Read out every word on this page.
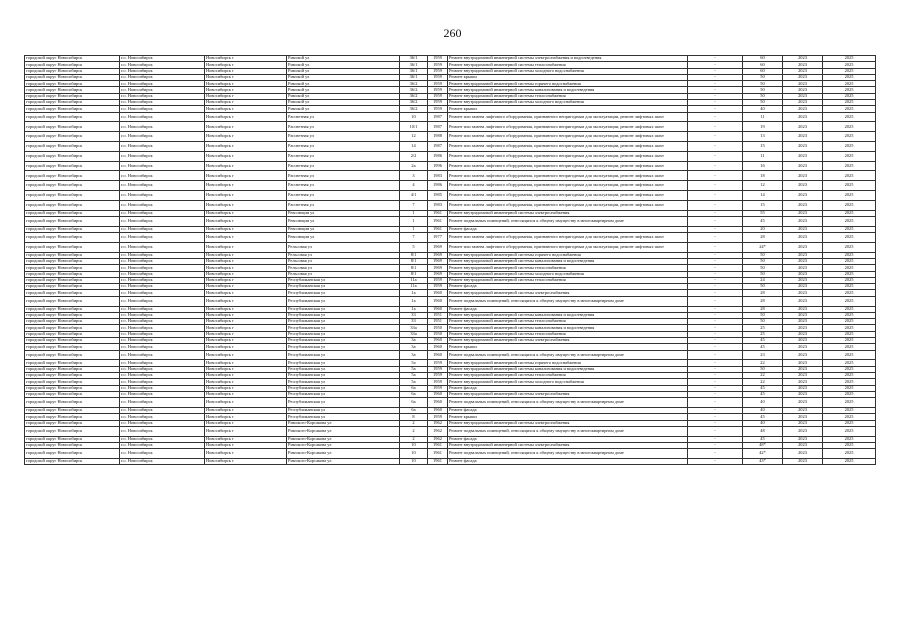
260
городской округ Новосибирск	г.о. Новосибирск	Новосибирск г	Римской ул	36/1	1959	Ремонт внутридомовой инженерной системы электроснабжения и водоотведения	-	60	2023	2025
городской округ Новосибирск	г.о. Новосибирск	Новосибирск г	Римской ул	36/1	1959	Ремонт внутридомовой инженерной системы теплоснабжения	-	60	2023	2025
городской округ Новосибирск	г.о. Новосибирск	Новосибирск г	Римской ул	36/1	1959	Ремонт внутридомовой инженерной системы холодного водоснабжения	-	60	2023	2025
городской округ Новосибирск	г.о. Новосибирск	Новосибирск г	Римской ул	36/1	1959	Ремонт крыши	-	50	2023	2025
городской округ Новосибирск	г.о. Новосибирск	Новосибирск г	Римской ул	36/2	1959	Ремонт внутридомовой инженерной системы горячего водоснабжения	-	50	2023	2025
городской округ Новосибирск	г.о. Новосибирск	Новосибирск г	Римской ул	36/2	1959	Ремонт внутридомовой инженерной системы канализования и водоотведения	-	50	2023	2025
городской округ Новосибирск	г.о. Новосибирск	Новосибирск г	Римской ул	36/2	1959	Ремонт внутридомовой инженерной системы теплоснабжения	-	50	2023	2025
городской округ Новосибирск	г.о. Новосибирск	Новосибирск г	Римской ул	36/2	1959	Ремонт внутридомовой инженерной системы холодного водоснабжения	-	50	2023	2025
городской округ Новосибирск	г.о. Новосибирск	Новосибирск г	Римской ул	36/2	1959	Ремонт крыши	-	40	2023	2025
городской округ Новосибирск	г.о. Новосибирск	Новосибирск г	Рассветная ул	10	1987	Ремонт или замена лифтового оборудования, признанного непригодным для эксплуатации, ремонт лифтовых шахт	-	11	2023	2025
городской округ Новосибирск	г.о. Новосибирск	Новосибирск г	Рассветная ул	10/1	1987	Ремонт или замена лифтового оборудования, признанного непригодным для эксплуатации, ремонт лифтовых шахт	-	19	2023	2025
городской округ Новосибирск	г.о. Новосибирск	Новосибирск г	Рассветная ул	12	1988	Ремонт или замена лифтового оборудования, признанного непригодным для эксплуатации, ремонт лифтовых шахт	-	13	2023	2025
городской округ Новосибирск	г.о. Новосибирск	Новосибирск г	Рассветная ул	14	1987	Ремонт или замена лифтового оборудования, признанного непригодным для эксплуатации, ремонт лифтовых шахт	-	15	2023	2025
городской округ Новосибирск	г.о. Новосибирск	Новосибирск г	Рассветная ул	2/2	1986	Ремонт или замена лифтового оборудования, признанного непригодным для эксплуатации, ремонт лифтовых шахт	-	11	2023	2025
городской округ Новосибирск	г.о. Новосибирск	Новосибирск г	Рассветная ул	2а	1996	Ремонт или замена лифтового оборудования, признанного непригодным для эксплуатации, ремонт лифтовых шахт	-	16	2023	2025
городской округ Новосибирск	г.о. Новосибирск	Новосибирск г	Рассветная ул	3	1983	Ремонт или замена лифтового оборудования, признанного непригодным для эксплуатации, ремонт лифтовых шахт	-	18	2023	2025
городской округ Новосибирск	г.о. Новосибирск	Новосибирск г	Рассветная ул	4	1986	Ремонт или замена лифтового оборудования, признанного непригодным для эксплуатации, ремонт лифтовых шахт	-	12	2023	2025
городской округ Новосибирск	г.о. Новосибирск	Новосибирск г	Рассветная ул	4/1	1985	Ремонт или замена лифтового оборудования, признанного непригодным для эксплуатации, ремонт лифтовых шахт	-	14	2023	2025
городской округ Новосибирск	г.о. Новосибирск	Новосибирск г	Рассветная ул	7	1983	Ремонт или замена лифтового оборудования, признанного непригодным для эксплуатации, ремонт лифтовых шахт	-	15	2023	2025
городской округ Новосибирск	г.о. Новосибирск	Новосибирск г	Революции ул	1	1961	Ремонт внутридомовой инженерной системы электроснабжения	-	55	2023	2025
городской округ Новосибирск	г.о. Новосибирск	Новосибирск г	Революции ул	1	1961	Ремонт подвальных помещений, относящихся к общему имуществу в многоквартирном доме	-	45	2023	2025
городской округ Новосибирск	г.о. Новосибирск	Новосибирск г	Революции ул	1	1961	Ремонт фасада	-	20	2023	2025
городской округ Новосибирск	г.о. Новосибирск	Новосибирск г	Революции ул	7	1977	Ремонт или замена лифтового оборудования, признанного непригодным для эксплуатации, ремонт лифтовых шахт	-	28	2023	2025
городской округ Новосибирск	г.о. Новосибирск	Новосибирск г	Рельсовая ул	5	1969	Ремонт или замена лифтового оборудования, признанного непригодным для эксплуатации, ремонт лифтовых шахт	-	24*	2023	2025
городской округ Новосибирск	г.о. Новосибирск	Новосибирск г	Рельсовая ул	8/1	1969	Ремонт внутридомовой инженерной системы горячего водоснабжения	-	50	2023	2025
городской округ Новосибирск	г.о. Новосибирск	Новосибирск г	Рельсовая ул	8/1	1969	Ремонт внутридомовой инженерной системы канализования и водоотведения	-	50	2023	2025
городской округ Новосибирск	г.о. Новосибирск	Новосибирск г	Рельсовая ул	8/1	1969	Ремонт внутридомовой инженерной системы теплоснабжения	-	50	2023	2025
городской округ Новосибирск	г.о. Новосибирск	Новосибирск г	Рельсовая ул	8/1	1969	Ремонт внутридомовой инженерной системы холодного водоснабжения	-	50	2023	2025
городской округ Новосибирск	г.о. Новосибирск	Новосибирск г	Республиканская ул	11а	1959	Ремонт внутридомовой инженерной системы теплоснабжения	-	24	2023	2025
городской округ Новосибирск	г.о. Новосибирск	Новосибирск г	Республиканская ул	11а	1959	Ремонт фасада	-	50	2023	2025
городской округ Новосибирск	г.о. Новосибирск	Новосибирск г	Республиканская ул	1а	1960	Ремонт внутридомовой инженерной системы электроснабжения	-	28	2023	2025
городской округ Новосибирск	г.о. Новосибирск	Новосибирск г	Республиканская ул	1а	1960	Ремонт подвальных помещений, относящихся к общему имуществу в многоквартирном доме	-	28	2023	2025
городской округ Новосибирск	г.о. Новосибирск	Новосибирск г	Республиканская ул	1а	1960	Ремонт фасада	-	28	2023	2025
городской округ Новосибирск	г.о. Новосибирск	Новосибирск г	Республиканская ул	33	1951	Ремонт внутридомовой инженерной системы канализования и водоотведения	-	50	2023	2025
городской округ Новосибирск	г.о. Новосибирск	Новосибирск г	Республиканская ул	33	1951	Ремонт внутридомовой инженерной системы теплоснабжения	-	50	2023	2025
городской округ Новосибирск	г.о. Новосибирск	Новосибирск г	Республиканская ул	33а	1950	Ремонт внутридомовой инженерной системы канализования и водоотведения	-	25	2023	2025
городской округ Новосибирск	г.о. Новосибирск	Новосибирск г	Республиканская ул	33а	1950	Ремонт внутридомовой инженерной системы теплоснабжения	-	25	2023	2025
городской округ Новосибирск	г.о. Новосибирск	Новосибирск г	Республиканская ул	3а	1960	Ремонт внутридомовой инженерной системы электроснабжения	-	45	2023	2025
городской округ Новосибирск	г.о. Новосибирск	Новосибирск г	Республиканская ул	3а	1960	Ремонт крыши	-	45	2023	2025
городской округ Новосибирск	г.о. Новосибирск	Новосибирск г	Республиканская ул	3а	1960	Ремонт подвальных помещений, относящихся к общему имуществу в многоквартирном доме	-	23	2023	2025
городской округ Новосибирск	г.о. Новосибирск	Новосибирск г	Республиканская ул	5а	1959	Ремонт внутридомовой инженерной системы горячего водоснабжения	-	22	2023	2025
городской округ Новосибирск	г.о. Новосибирск	Новосибирск г	Республиканская ул	5а	1959	Ремонт внутридомовой инженерной системы канализования и водоотведения	-	50	2023	2025
городской округ Новосибирск	г.о. Новосибирск	Новосибирск г	Республиканская ул	5а	1959	Ремонт внутридомовой инженерной системы теплоснабжения	-	22	2023	2025
городской округ Новосибирск	г.о. Новосибирск	Новосибирск г	Республиканская ул	5а	1959	Ремонт внутридомовой инженерной системы холодного водоснабжения	-	22	2023	2025
городской округ Новосибирск	г.о. Новосибирск	Новосибирск г	Республиканская ул	6а	1959	Ремонт фасада	-	45	2023	2025
городской округ Новосибирск	г.о. Новосибирск	Новосибирск г	Республиканская ул	6а	1960	Ремонт внутридомовой инженерной системы электроснабжения	-	45	2023	2025
городской округ Новосибирск	г.о. Новосибирск	Новосибирск г	Республиканская ул	6а	1960	Ремонт подвальных помещений, относящихся к общему имуществу в многоквартирном доме	-	40	2023	2025
городской округ Новосибирск	г.о. Новосибирск	Новосибирск г	Республиканская ул	6а	1960	Ремонт фасада	-	40	2023	2025
городской округ Новосибирск	г.о. Новосибирск	Новосибирск г	Республиканская ул	8	1959	Ремонт крыши	-	45	2023	2025
городской округ Новосибирск	г.о. Новосибирск	Новосибирск г	Римского-Корсакова ул	2	1962	Ремонт внутридомовой инженерной системы электроснабжения	-	40	2023	2025
городской округ Новосибирск	г.о. Новосибирск	Новосибирск г	Римского-Корсакова ул	2	1962	Ремонт подвальных помещений, относящихся к общему имуществу в многоквартирном доме	-	48	2023	2025
городской округ Новосибирск	г.о. Новосибирск	Новосибирск г	Римского-Корсакова ул	2	1962	Ремонт фасада	-	45	2023	2025
городской округ Новосибирск	г.о. Новосибирск	Новосибирск г	Римского-Корсакова ул	10	1961	Ремонт внутридомовой инженерной системы электроснабжения	-	48*	2023	2025
городской округ Новосибирск	г.о. Новосибирск	Новосибирск г	Римского-Корсакова ул	10	1961	Ремонт подвальных помещений, относящихся к общему имуществу в многоквартирном доме	-	42*	2023	2025
городской округ Новосибирск	г.о. Новосибирск	Новосибирск г	Римского-Корсакова ул	10	1961	Ремонт фасада	-	43*	2023	2025
